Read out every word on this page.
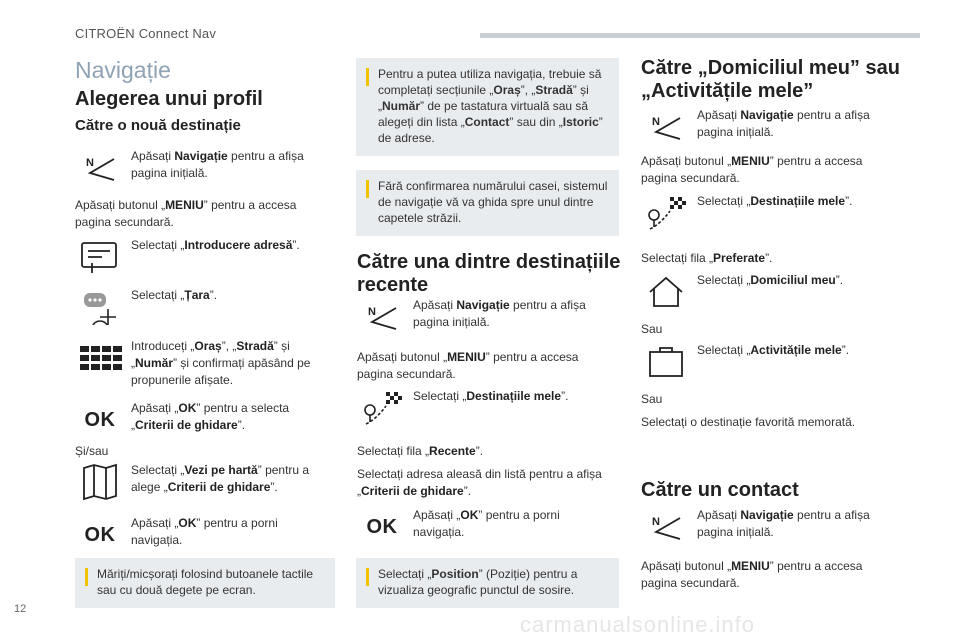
CITROËN Connect Nav
Navigație
Alegerea unui profil
Către o nouă destinație
N	Apăsați Navigație pentru a afișa pagina inițială.
Apăsați butonul „MENIU” pentru a accesa pagina secundară.
Selectați „Introducere adresă”.
Selectați „Țara”.
Introduceți „Oraș”, „Stradă” și „Număr” și confirmați apăsând pe propunerile afișate.
OK
Apăsați „OK” pentru a selecta „Criterii de ghidare”.
Și/sau
Selectați „Vezi pe hartă” pentru a alege „Criterii de ghidare”.
OK
Apăsați „OK” pentru a porni navigația.
Măriți/micșorați folosind butoanele tactile sau cu două degete pe ecran.
Pentru a putea utiliza navigația, trebuie să completați secțiunile „Oraș”, „Stradă” și „Număr” de pe tastatura virtuală sau să alegeți din lista „Contact” sau din „Istoric” de adrese.
Fără confirmarea numărului casei, sistemul de navigație vă va ghida spre unul dintre capetele străzii.
Către una dintre destinațiile recente
N	Apăsați Navigație pentru a afișa pagina inițială.
Apăsați butonul „MENIU” pentru a accesa pagina secundară.
Selectați „Destinațiile mele”.
Selectați fila „Recente”.
Selectați adresa aleasă din listă pentru a afișa „Criterii de ghidare”.
OK
Apăsați „OK” pentru a porni navigația.
Selectați „Position” (Poziție) pentru a vizualiza geografic punctul de sosire.
Către „Domiciliul meu” sau „Activitățile mele”
N	Apăsați Navigație pentru a afișa pagina inițială.
Apăsați butonul „MENIU” pentru a accesa pagina secundară.
Selectați „Destinațiile mele”.
Selectați fila „Preferate”.
Selectați „Domiciliul meu”.
Sau
Selectați „Activitățile mele”.
Sau
Selectați o destinație favorită memorată.
Către un contact
N	Apăsați Navigație pentru a afișa pagina inițială.
Apăsați butonul „MENIU” pentru a accesa pagina secundară.
12
carmanualsonline.info
